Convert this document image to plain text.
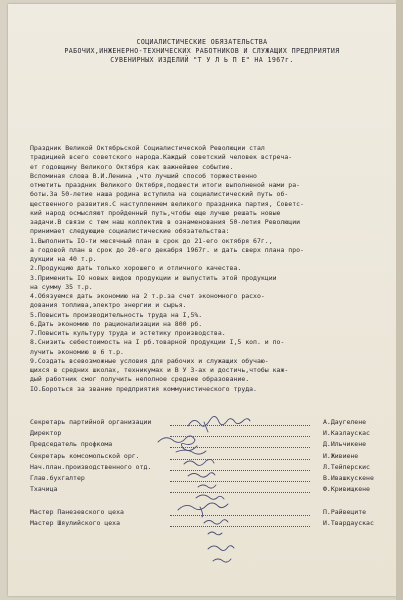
СОЦИАЛИСТИЧЕСКИЕ ОБЯЗАТЕЛЬСТВА
РАБОЧИХ,ИНЖЕНЕРНО-ТЕХНИЧЕСКИХ РАБОТНИКОВ И СЛУЖАЩИХ ПРЕДПРИЯТИЯ
СУВЕНИРНЫХ ИЗДЕЛИЙ "Т У Л Ь П Е" НА 1967г.
Праздник Великой Октябрьской Социалистической Революции стал
традицией всего советского народа.Каждый советский человек встреча-
ет годовщину Великого Октября как важнейшее событие.
Вспоминая слова В.И.Ленина ,что лучший способ торжественно
отметить праздник Великого Октября,подвести итоги выполненой нами ра-
боты.За 50-летие наша родина вступила на социалистический путь об-
щественного развития.С наступлением великого праздника партия, Советс-
кий народ осмысляют пройденный путь,чтобы еще лучше решать новые
задачи.В связи с тем наш коллектив в ознаменования 50-летия Революции
принимает следующие социалистические обязательства:
1.Выполнить IO-ти месячный план в срок до 21-его октября 67г.,
а годовой план в срок до 20-его декабря 1967г. и дать сверх плана про-
дукции на 40 т.р.
2.Продукцию дать только хорошего и отличного качества.
3.Применить IO новых видов продукции и выпустить этой продукции
на сумму 35 т.р.
4.Обязуемся дать экономию на 2 т.р.за счет экономного расхо-
дования топлива,электро энергии и сырья.
5.Повысить производительность труда на I,5%.
6.Дать экономию по рационализации на 800 рб.
7.Повысить культуру труда и эстетику производства.
8.Снизить себестоимость на I рб.товарной продукции I,5 коп. и по-
лучить экономию в 6 т.р.
9.Создать всевозможные условия для рабочих и служащих обучаю-
щихся в средних школах, техникумах и В У З-ах и достичь,чтобы каж-
дый работник смог получить неполное среднее образование.
IO.Бороться за звание предприятия коммунистического труда.
Секретарь партийной организации	А.Даугелене
Директор	И.Казлаускас
Председатель профкома	Д.Ильчикене
Секретарь комсомольской орг.	И.Живиене
Нач.план.производственного отд.	Л.Тейперскис
Глав.бухгалтер	В.Ивашкускене
Тхачица	Ф.Кривищкене
Мастер Панезевского цеха	П.Райвеците
Мастер Шяулийского цеха	И.Твардаускас
